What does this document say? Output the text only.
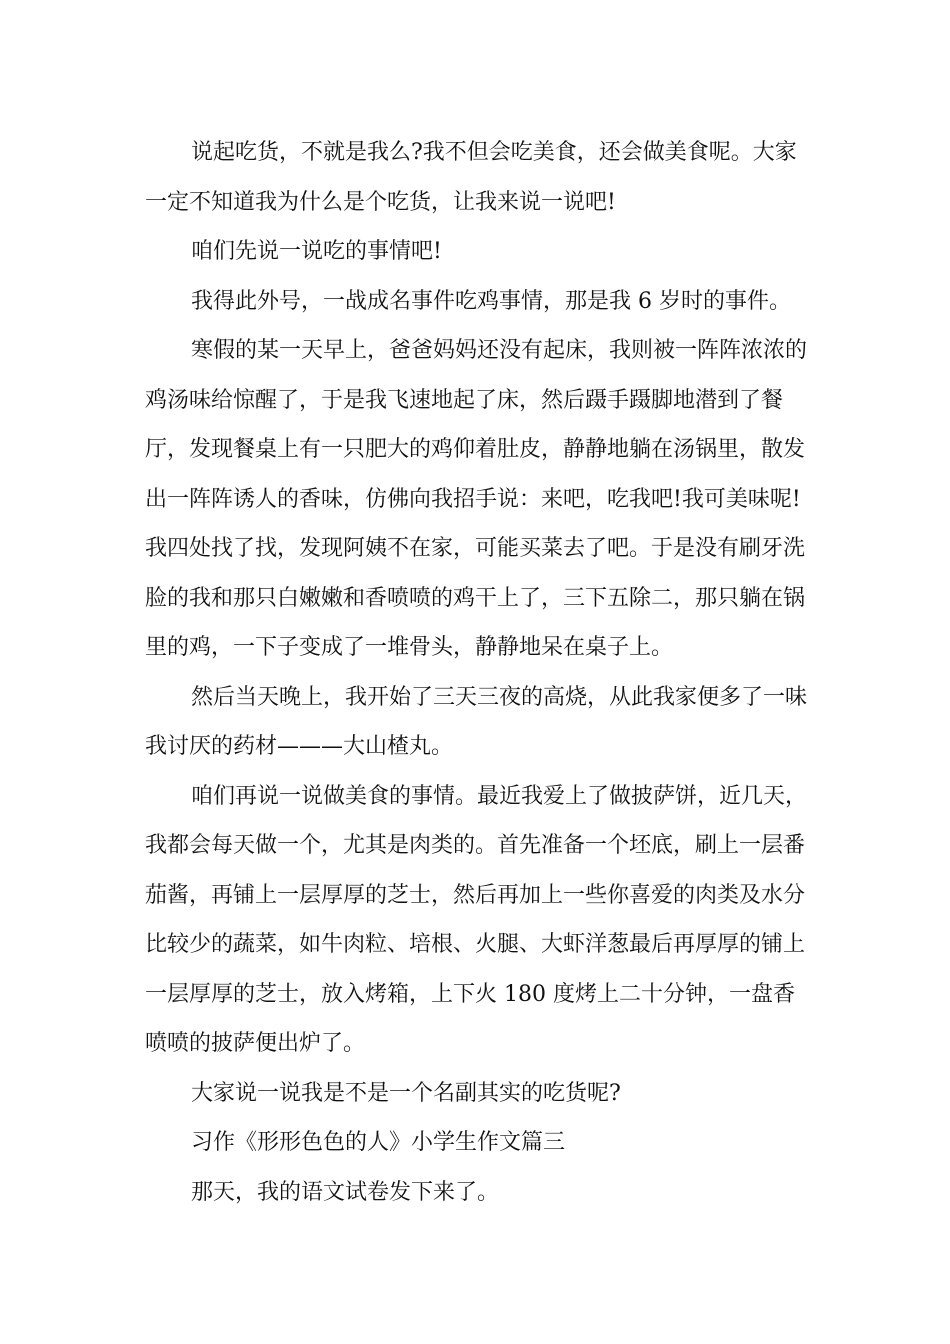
说起吃货，不就是我么?我不但会吃美食，还会做美食呢。大家一定不知道我为什么是个吃货，让我来说一说吧!

咱们先说一说吃的事情吧!

我得此外号，一战成名事件吃鸡事情，那是我 6 岁时的事件。

寒假的某一天早上，爸爸妈妈还没有起床，我则被一阵阵浓浓的鸡汤味给惊醒了，于是我飞速地起了床，然后蹑手蹑脚地潜到了餐厅，发现餐桌上有一只肥大的鸡仰着肚皮，静静地躺在汤锅里，散发出一阵阵诱人的香味，仿佛向我招手说：来吧，吃我吧!我可美味呢!我四处找了找，发现阿姨不在家，可能买菜去了吧。于是没有刷牙洗脸的我和那只白嫩嫩和香喷喷的鸡干上了，三下五除二，那只躺在锅里的鸡，一下子变成了一堆骨头，静静地呆在桌子上。

然后当天晚上，我开始了三天三夜的高烧，从此我家便多了一味我讨厌的药材———大山楂丸。

咱们再说一说做美食的事情。最近我爱上了做披萨饼，近几天，我都会每天做一个，尤其是肉类的。首先准备一个坯底，刷上一层番茄酱，再铺上一层厚厚的芝士，然后再加上一些你喜爱的肉类及水分比较少的蔬菜，如牛肉粒、培根、火腿、大虾洋葱最后再厚厚的铺上一层厚厚的芝士，放入烤箱，上下火 180 度烤上二十分钟，一盘香喷喷的披萨便出炉了。

大家说一说我是不是一个名副其实的吃货呢?

习作《形形色色的人》小学生作文篇三

那天，我的语文试卷发下来了。
